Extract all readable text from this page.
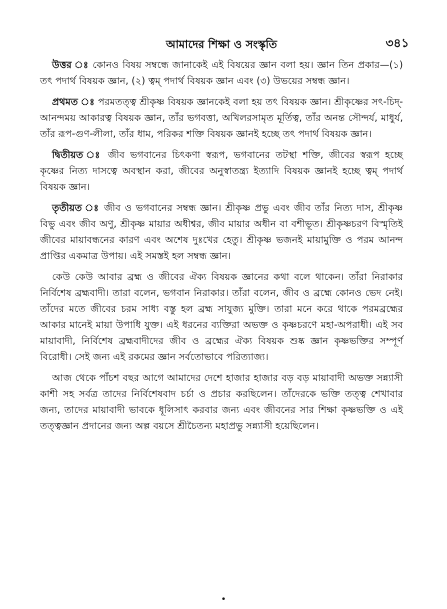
আমাদের শিক্ষা ও সংস্কৃতি	৩৪১

উত্তর ঃ কোনও বিষয় সম্বন্ধে জানাকেই এই বিষয়ের জ্ঞান বলা হয়। জ্ঞান তিন প্রকার—(১) তৎ পদার্থ বিষয়ক জ্ঞান, (২) ত্বম্‌ পদার্থ বিষয়ক জ্ঞান এবং (৩) উভয়ের সম্বন্ধ জ্ঞান।

প্রথমত ঃ পরমতত্ত্ব শ্রীকৃষ্ণ বিষয়ক জ্ঞানকেই বলা হয় তৎ বিষয়ক জ্ঞান। শ্রীকৃষ্ণের সৎ-চিদ্‌-আনন্দময় আকারত্ব বিষয়ক জ্ঞান, তাঁর ভগবত্তা, অখিলরসামৃত মূর্তিত্ব, তাঁর অনন্ত সৌন্দর্য, মাধুর্য, তাঁর রূপ-গুণ-লীলা, তাঁর ধাম, পরিকর শক্তি বিষয়ক জ্ঞানই হচ্ছে তৎ পদার্থ বিষয়ক জ্ঞান।

দ্বিতীয়ত ঃ জীব ভগবানের চিৎকণা স্বরূপ, ভগবানের তটস্থা শক্তি, জীবের স্বরূপ হচ্ছে কৃষ্ণের নিত্য দাসত্বে অবস্থান করা, জীবের অনুস্বাতন্ত্র্য ইত্যাদি বিষয়ক জ্ঞানই হচ্ছে ত্বম্‌ পদার্থ বিষয়ক জ্ঞান।

তৃতীয়ত ঃ জীব ও ভগবানের সম্বন্ধ জ্ঞান। শ্রীকৃষ্ণ প্রভু এবং জীব তাঁর নিত্য দাস, শ্রীকৃষ্ণ বিভু এবং জীব অণু, শ্রীকৃষ্ণ মায়ার অধীশ্বর, জীব মায়ার অধীন বা বশীভূত। শ্রীকৃষ্ণচরণ বিস্মৃতিই জীবের মায়াবন্ধনের কারণ এবং অশেষ দুঃখের হেতু। শ্রীকৃষ্ণ ভজনই মায়ামুক্তি ও পরম আনন্দ প্রাপ্তির একমাত্র উপায়। এই সমস্তই হল সম্বন্ধ জ্ঞান।

কেউ কেউ আবার ব্রহ্ম ও জীবের ঐক্য বিষয়ক জ্ঞানের কথা বলে থাকেন। তাঁরা নিরাকার নির্বিশেষ ব্রহ্মবাদী। তারা বলেন, ভগবান নিরাকার। তাঁরা বলেন, জীব ও ব্রহ্মে কোনও ভেদ নেই। তাঁদের মতে জীবের চরম সাধ্য বস্তু হল ব্রহ্ম সাযুজ্য মুক্তি। তারা মনে করে থাকে পরমব্রহ্মের আকার মানেই মায়া উপাধি যুক্ত। এই ধরনের ব্যক্তিরা অভক্ত ও কৃষ্ণচরণে মহা-অপরাধী। এই সব মায়াবাদী, নির্বিশেষ ব্রহ্মবাদীদের জীব ও ব্রহ্মের ঐক্য বিষয়ক শুষ্ক জ্ঞান কৃষ্ণভক্তির সম্পূর্ণ বিরোধী। সেই জন্য এই রকমের জ্ঞান সর্বতোভাবে পরিত্যাজ্য।

আজ থেকে পাঁচশ বছর আগে আমাদের দেশে হাজার হাজার বড় বড় মায়াবাদী অভক্ত সন্ন্যাসী কাশী সহ সর্বত্র তাদের নির্বিশেষবাদ চর্চা ও প্রচার করছিলেন। তাঁদেরকে ভক্তি তত্ত্ব শেখাবার জন্য, তাদের মায়াবাদী ভাবকে ধূলিসাৎ করবার জন্য এবং জীবনের সার শিক্ষা কৃষ্ণভক্তি ও এই তত্ত্বজ্ঞান প্রদানের জন্য অল্প বয়সে শ্রীচৈতন্য মহাপ্রভু সন্ন্যাসী হয়েছিলেন।

•
